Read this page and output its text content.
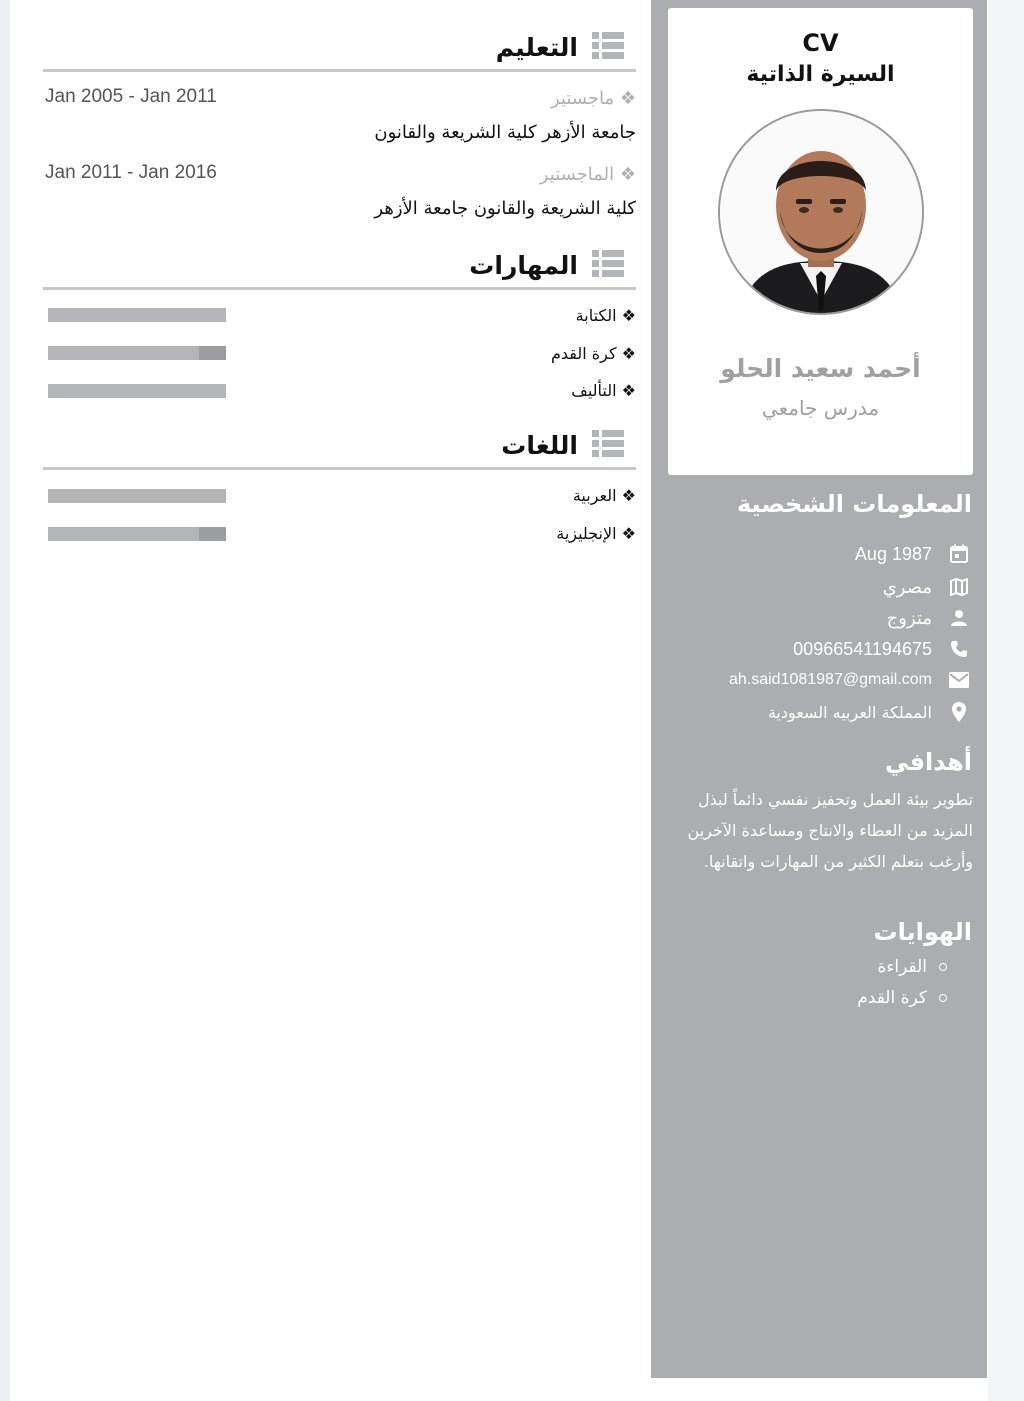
المعلومات الشخصية
Aug 1987
مصري
متزوج
00966541194675
ah.said1081987@gmail.com
المملكة العربيه السعودية
أهدافي
تطوير بيئة العمل وتحفيز نفسي دائماً لبذل المزيد من العطاء والانتاج ومساعدة الآخرين وأرغب بتعلم الكثير من المهارات واتقانها.
الهوايات
القراءة
كرة القدم
CV
السيرة الذاتية
أحمد سعيد الحلو
مدرس جامعي
التعليم
❖ ماجستير
Jan 2005 - Jan 2011
جامعة الأزهر كلية الشريعة والقانون
❖ الماجستير
Jan 2011 - Jan 2016
كلية الشريعة والقانون جامعة الأزهر
المهارات
❖ الكتابة
❖ كرة القدم
❖ التأليف
اللغات
❖ العربية
❖ الإنجليزية
